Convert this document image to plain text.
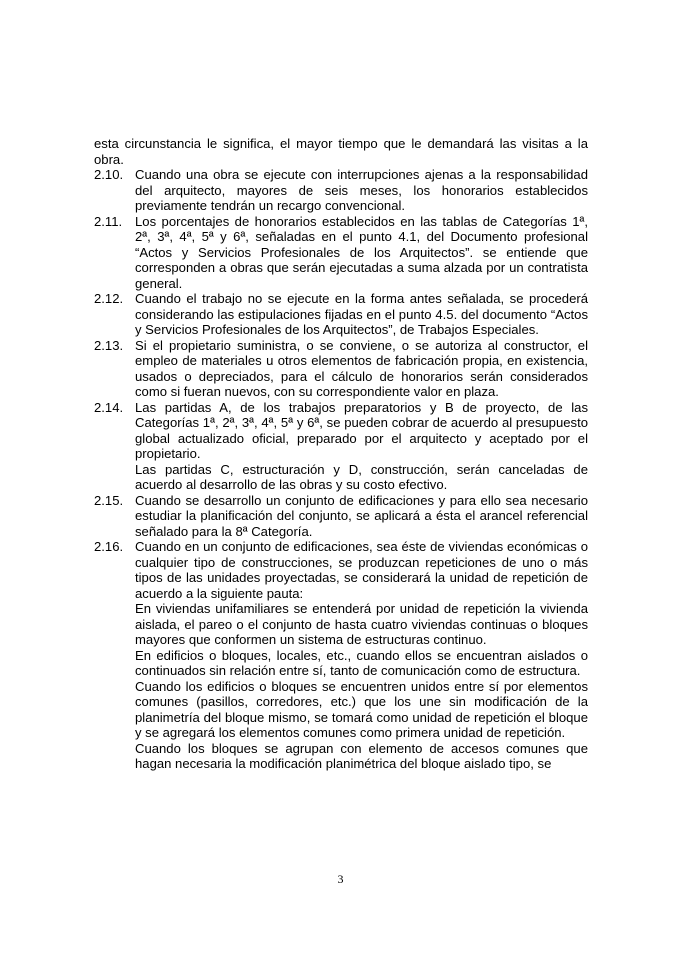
esta circunstancia le significa, el mayor tiempo que le demandará las visitas a la obra.

2.10. Cuando una obra se ejecute con interrupciones ajenas a la responsabilidad del arquitecto, mayores de seis meses, los honorarios establecidos previamente tendrán un recargo convencional.

2.11. Los porcentajes de honorarios establecidos en las tablas de Categorías 1ª, 2ª, 3ª, 4ª, 5ª y 6ª, señaladas en el punto 4.1, del Documento profesional “Actos y Servicios Profesionales de los Arquitectos”. se entiende que corresponden a obras que serán ejecutadas a suma alzada por un contratista general.

2.12. Cuando el trabajo no se ejecute en la forma antes señalada, se procederá considerando las estipulaciones fijadas en el punto 4.5. del documento “Actos y Servicios Profesionales de los Arquitectos”, de Trabajos Especiales.

2.13. Si el propietario suministra, o se conviene, o se autoriza al constructor, el empleo de materiales u otros elementos de fabricación propia, en existencia, usados o depreciados, para el cálculo de honorarios serán considerados como si fueran nuevos, con su correspondiente valor en plaza.

2.14. Las partidas A, de los trabajos preparatorios y B de proyecto, de las Categorías 1ª, 2ª, 3ª, 4ª, 5ª y 6ª, se pueden cobrar de acuerdo al presupuesto global actualizado oficial, preparado por el arquitecto y aceptado por el propietario.

Las partidas C, estructuración y D, construcción, serán canceladas de acuerdo al desarrollo de las obras y su costo efectivo.

2.15. Cuando se desarrollo un conjunto de edificaciones y para ello sea necesario estudiar la planificación del conjunto, se aplicará a ésta el arancel referencial señalado para la 8ª Categoría.

2.16. Cuando en un conjunto de edificaciones, sea éste de viviendas económicas o cualquier tipo de construcciones, se produzcan repeticiones de uno o más tipos de las unidades proyectadas, se considerará la unidad de repetición de acuerdo a la siguiente pauta:

En viviendas unifamiliares se entenderá por unidad de repetición la vivienda aislada, el pareo o el conjunto de hasta cuatro viviendas continuas o bloques mayores que conformen un sistema de estructuras continuo.

En edificios o bloques, locales, etc., cuando ellos se encuentran aislados o continuados sin relación entre sí, tanto de comunicación como de estructura.

Cuando los edificios o bloques se encuentren unidos entre sí por elementos comunes (pasillos, corredores, etc.) que los une sin modificación de la planimetría del bloque mismo, se tomará como unidad de repetición el bloque y se agregará los elementos comunes como primera unidad de repetición.

Cuando los bloques se agrupan con elemento de accesos comunes que hagan necesaria la modificación planimétrica del bloque aislado tipo, se

3
